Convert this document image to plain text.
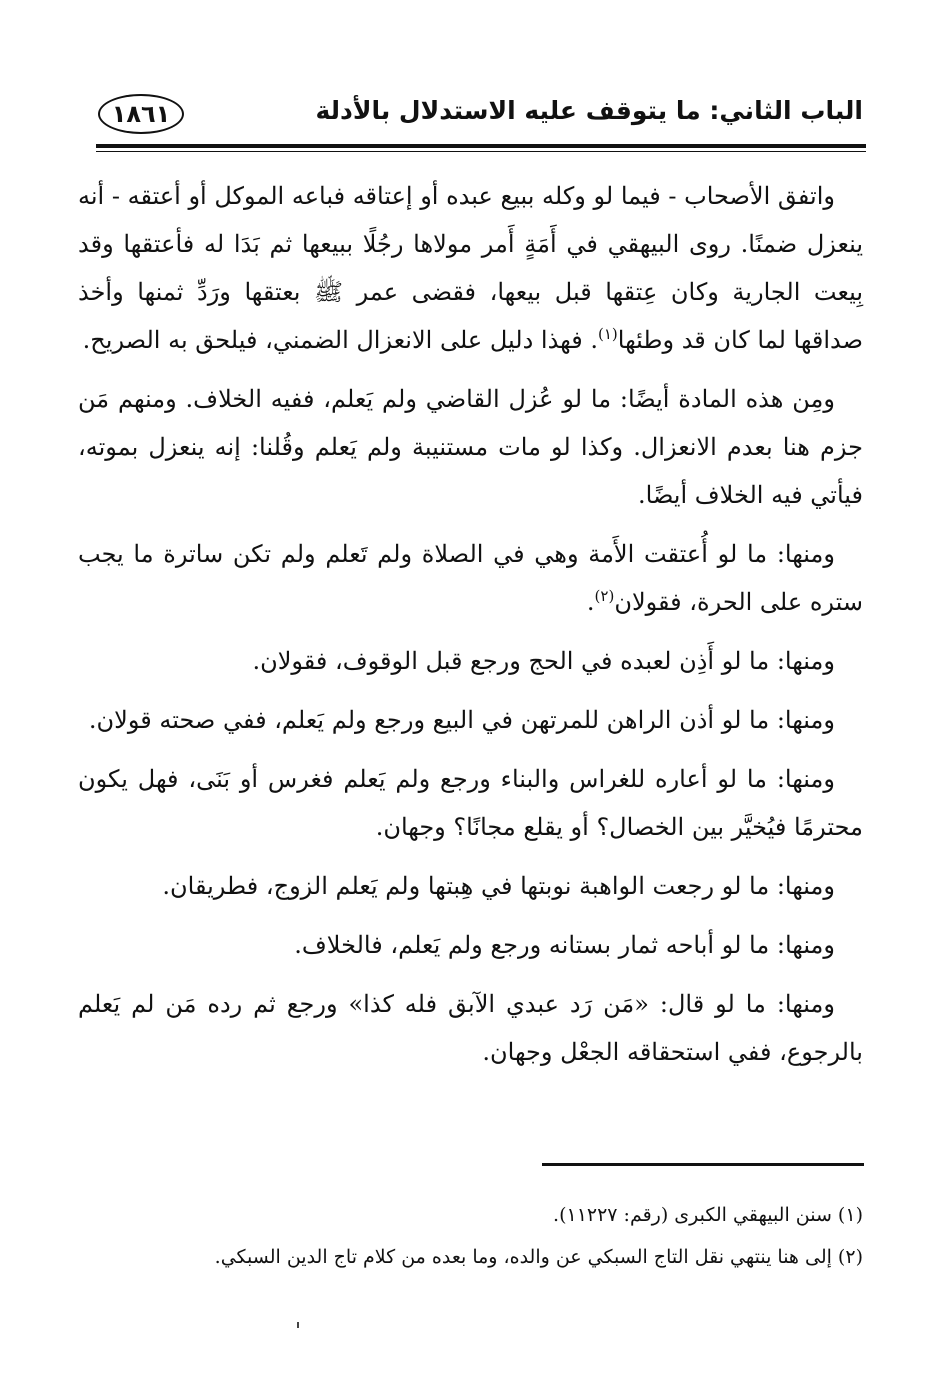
الباب الثاني: ما يتوقف عليه الاستدلال بالأدلة
١٨٦١

واتفق الأصحاب - فيما لو وكله ببيع عبده أو إعتاقه فباعه الموكل أو أعتقه - أنه ينعزل ضمنًا. روى البيهقي في أَمَةٍ أَمر مولاها رجُلًا ببيعها ثم بَدَا له فأعتقها وقد بِيعت الجارية وكان عِتقها قبل بيعها، فقضى عمر ﷺ بعتقها ورَدِّ ثمنها وأخذ صداقها لما كان قد وطئها$^{(١)}$. فهذا دليل على الانعزال الضمني، فيلحق به الصريح.

ومِن هذه المادة أيضًا: ما لو عُزل القاضي ولم يَعلم، ففيه الخلاف. ومنهم مَن جزم هنا بعدم الانعزال. وكذا لو مات مستنيبة ولم يَعلم وقُلنا: إنه ينعزل بموته، فيأتي فيه الخلاف أيضًا.

ومنها: ما لو أُعتقت الأَمة وهي في الصلاة ولم تَعلم ولم تكن ساترة ما يجب ستره على الحرة، فقولان$^{(٢)}$.

ومنها: ما لو أَذِن لعبده في الحج ورجع قبل الوقوف، فقولان.

ومنها: ما لو أذن الراهن للمرتهن في البيع ورجع ولم يَعلم، ففي صحته قولان.

ومنها: ما لو أعاره للغراس والبناء ورجع ولم يَعلم فغرس أو بَنَى، فهل يكون محترمًا فيُخيَّر بين الخصال؟ أو يقلع مجانًا؟ وجهان.

ومنها: ما لو رجعت الواهبة نوبتها في هِبتها ولم يَعلم الزوج، فطريقان.

ومنها: ما لو أباحه ثمار بستانه ورجع ولم يَعلم، فالخلاف.

ومنها: ما لو قال: «مَن رَد عبدي الآبق فله كذا» ورجع ثم رده مَن لم يَعلم بالرجوع، ففي استحقاقه الجعْل وجهان.

(١) سنن البيهقي الكبرى (رقم: ١١٢٢٧).

(٢) إلى هنا ينتهي نقل التاج السبكي عن والده، وما بعده من كلام تاج الدين السبكي.
